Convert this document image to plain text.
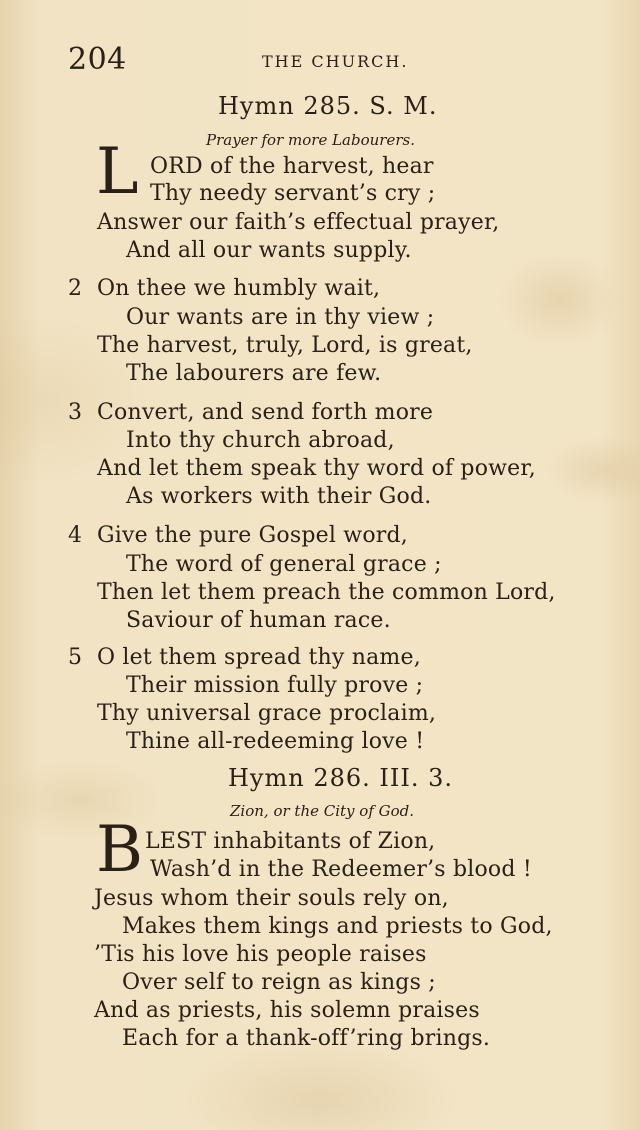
204	THE CHURCH.
Hymn 285. S. M.
Prayer for more Labourers.
L ORD of the harvest, hear
Thy needy servant’s cry ;
Answer our faith’s effectual prayer,
And all our wants supply.
2 On thee we humbly wait,
Our wants are in thy view ;
The harvest, truly, Lord, is great,
The labourers are few.
3 Convert, and send forth more
Into thy church abroad,
And let them speak thy word of power,
As workers with their God.
4 Give the pure Gospel word,
The word of general grace ;
Then let them preach the common Lord,
Saviour of human race.
5 O let them spread thy name,
Their mission fully prove ;
Thy universal grace proclaim,
Thine all-redeeming love !
Hymn 286. III. 3.
Zion, or the City of God.
B LEST inhabitants of Zion,
Wash’d in the Redeemer’s blood !
Jesus whom their souls rely on,
Makes them kings and priests to God,
’Tis his love his people raises
Over self to reign as kings ;
And as priests, his solemn praises
Each for a thank-off’ring brings.
